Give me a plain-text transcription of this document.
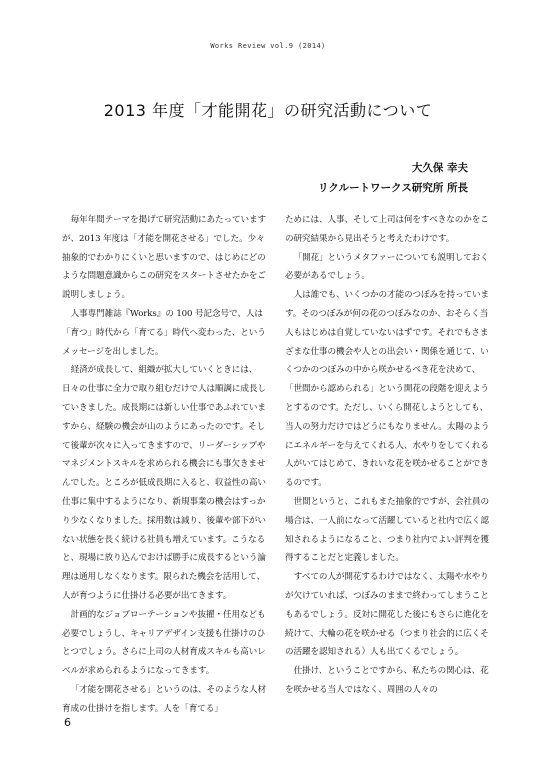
Works Review vol.9 (2014)
2013 年度「才能開花」の研究活動について
大久保 幸夫
リクルートワークス研究所 所長

毎年年間テーマを掲げて研究活動にあたっていますが、2013 年度は「才能を開花させる」でした。少々抽象的でわかりにくいと思いますので、はじめにどのような問題意識からこの研究をスタートさせたかをご説明しましょう。

人事専門雑誌『Works』の 100 号記念号で、人は「育つ」時代から「育てる」時代へ変わった、というメッセージを出しました。

経済が成長して、組織が拡大していくときには、日々の仕事に全力で取り組むだけで人は順調に成長していきました。成長期には新しい仕事であふれていますから、経験の機会が山のようにあったのです。そして後輩が次々に入ってきますので、リーダーシップやマネジメントスキルを求められる機会にも事欠きませんでした。ところが低成長期に入ると、収益性の高い仕事に集中するようになり、新規事業の機会はすっかり少なくなりました。採用数は減り、後輩や部下がいない状態を長く続ける社員も増えています。こうなると、現場に放り込んでおけば勝手に成長するという論理は通用しなくなります。限られた機会を活用して、人が育つように仕掛ける必要が出てきます。

計画的なジョブローテーションや抜擢・任用なども必要でしょうし、キャリアデザイン支援も仕掛けのひとつでしょう。さらに上司の人材育成スキルも高いレベルが求められるようになってきます。

「才能を開花させる」というのは、そのような人材育成の仕掛けを指します。人を「育てる」

ためには、人事、そして上司は何をすべきなのかをこの研究結果から見出そうと考えたわけです。

「開花」というメタファーについても説明しておく必要があるでしょう。

人は誰でも、いくつかの才能のつぼみを持っています。そのつぼみが何の花のつぼみなのか、おそらく当人もはじめは自覚していないはずです。それでもさまざまな仕事の機会や人との出会い・関係を通じて、いくつかのつぼみの中から咲かせるべき花を決めて、「世間から認められる」という開花の段階を迎えようとするのです。ただし、いくら開花しようとしても、当人の努力だけではどうにもなりません。太陽のようにエネルギーを与えてくれる人、水やりをしてくれる人がいてはじめて、きれいな花を咲かせることができるのです。

世間というと、これもまた抽象的ですが、会社員の場合は、一人前になって活躍していると社内で広く認知されるようになること、つまり社内でよい評判を獲得することだと定義しました。

すべての人が開花するわけではなく、太陽や水やりが欠けていれば、つぼみのままで終わってしまうこともあるでしょう。反対に開花した後にもさらに進化を続けて、大輪の花を咲かせる（つまり社会的に広くその活躍を認知される）人も出てくるでしょう。

仕掛け、ということですから、私たちの関心は、花を咲かせる当人ではなく、周囲の人々の

6
